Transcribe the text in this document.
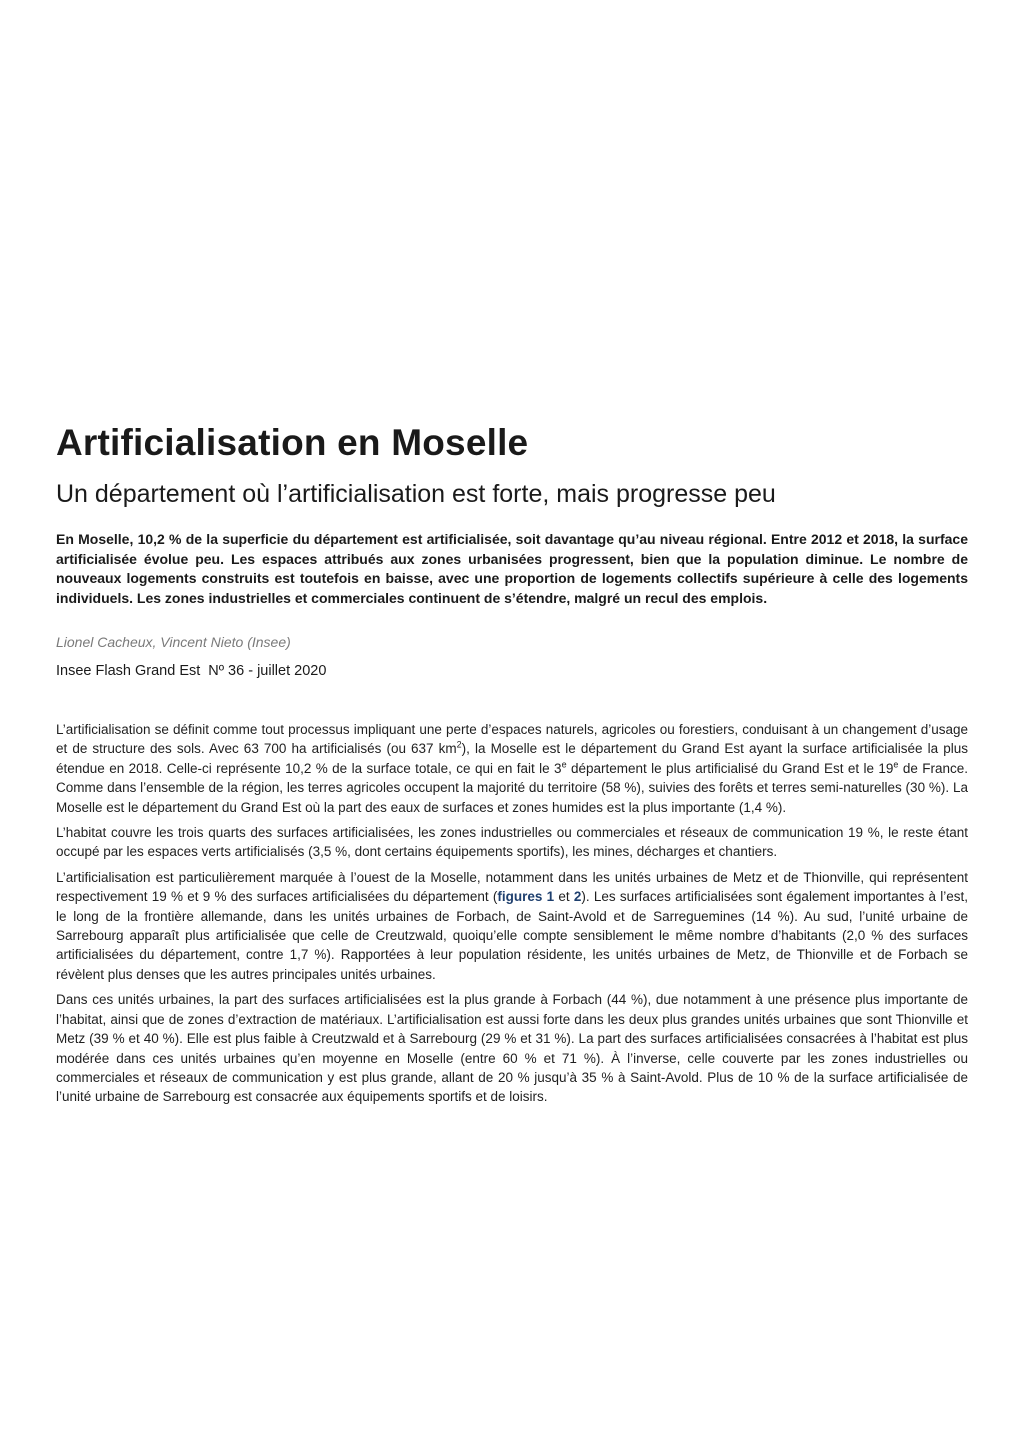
Artificialisation en Moselle
Un département où l’artificialisation est forte, mais progresse peu

En Moselle, 10,2 % de la superficie du département est artificialisée, soit davantage qu’au niveau régional. Entre 2012 et 2018, la surface artificialisée évolue peu. Les espaces attribués aux zones urbanisées progressent, bien que la population diminue. Le nombre de nouveaux logements construits est toutefois en baisse, avec une proportion de logements collectifs supérieure à celle des logements individuels. Les zones industrielles et commerciales continuent de s’étendre, malgré un recul des emplois.

Lionel Cacheux, Vincent Nieto (Insee)
Insee Flash Grand Est Nº 36 - juillet 2020

L’artificialisation se définit comme tout processus impliquant une perte d’espaces naturels, agricoles ou forestiers, conduisant à un changement d’usage et de structure des sols. Avec 63 700 ha artificialisés (ou 637 $km^2$), la Moselle est le département du Grand Est ayant la surface artificialisée la plus étendue en 2018. Celle-ci représente 10,2 % de la surface totale, ce qui en fait le 3e département le plus artificialisé du Grand Est et le 19e de France. Comme dans l’ensemble de la région, les terres agricoles occupent la majorité du territoire (58 %), suivies des forêts et terres semi-naturelles (30 %). La Moselle est le département du Grand Est où la part des eaux de surfaces et zones humides est la plus importante (1,4 %).

L’habitat couvre les trois quarts des surfaces artificialisées, les zones industrielles ou commerciales et réseaux de communication 19 %, le reste étant occupé par les espaces verts artificialisés (3,5 %, dont certains équipements sportifs), les mines, décharges et chantiers.

L’artificialisation est particulièrement marquée à l’ouest de la Moselle, notamment dans les unités urbaines de Metz et de Thionville, qui représentent respectivement 19 % et 9 % des surfaces artificialisées du département (figures 1 et 2). Les surfaces artificialisées sont également importantes à l’est, le long de la frontière allemande, dans les unités urbaines de Forbach, de Saint-Avold et de Sarreguemines (14 %). Au sud, l’unité urbaine de Sarrebourg apparaît plus artificialisée que celle de Creutzwald, quoiqu’elle compte sensiblement le même nombre d’habitants (2,0 % des surfaces artificialisées du département, contre 1,7 %). Rapportées à leur population résidente, les unités urbaines de Metz, de Thionville et de Forbach se révèlent plus denses que les autres principales unités urbaines.

Dans ces unités urbaines, la part des surfaces artificialisées est la plus grande à Forbach (44 %), due notamment à une présence plus importante de l’habitat, ainsi que de zones d’extraction de matériaux. L’artificialisation est aussi forte dans les deux plus grandes unités urbaines que sont Thionville et Metz (39 % et 40 %). Elle est plus faible à Creutzwald et à Sarrebourg (29 % et 31 %). La part des surfaces artificialisées consacrées à l’habitat est plus modérée dans ces unités urbaines qu’en moyenne en Moselle (entre 60 % et 71 %). À l’inverse, celle couverte par les zones industrielles ou commerciales et réseaux de communication y est plus grande, allant de 20 % jusqu’à 35 % à Saint-Avold. Plus de 10 % de la surface artificialisée de l’unité urbaine de Sarrebourg est consacrée aux équipements sportifs et de loisirs.
